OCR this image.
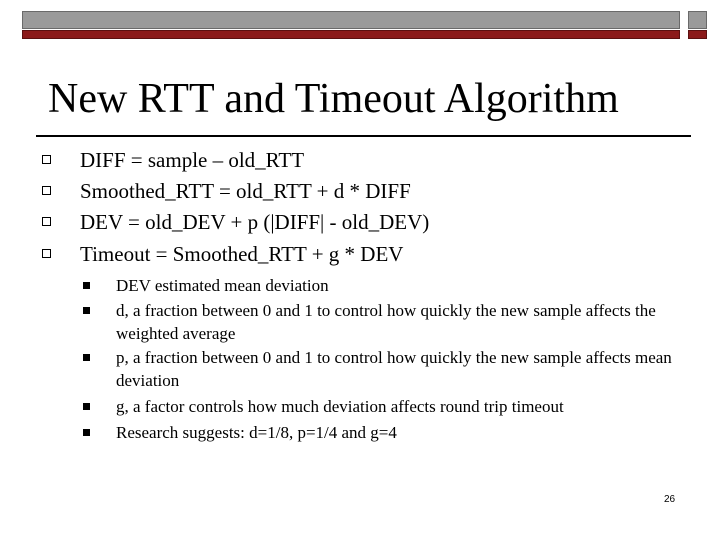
New RTT and Timeout Algorithm
DIFF = sample – old_RTT
Smoothed_RTT = old_RTT + d * DIFF
DEV = old_DEV + p (|DIFF| - old_DEV)
Timeout = Smoothed_RTT + g * DEV
DEV estimated mean deviation
d, a fraction between 0 and 1 to control how quickly the new sample affects the weighted average
p, a fraction between 0 and 1 to control how quickly the new sample affects mean deviation
g, a factor controls how much deviation affects round trip timeout
Research suggests: d=1/8, p=1/4 and g=4
26
